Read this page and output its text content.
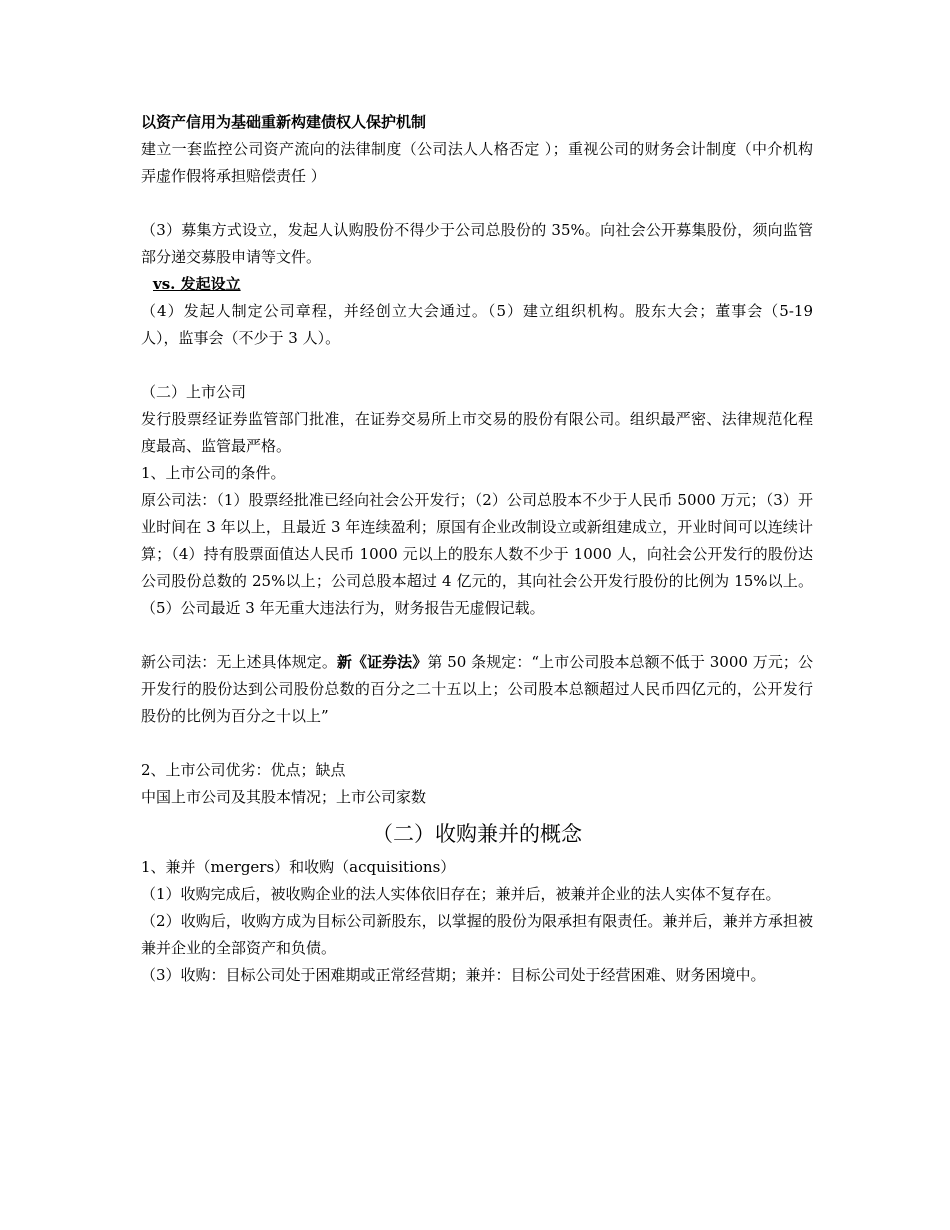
以资产信用为基础重新构建债权人保护机制

建立一套监控公司资产流向的法律制度（公司法人人格否定 ）；重视公司的财务会计制度（中介机构弄虚作假将承担赔偿责任 ）

（3）募集方式设立，发起人认购股份不得少于公司总股份的 35%。向社会公开募集股份，须向监管部分递交募股申请等文件。

vs. 发起设立

（4）发起人制定公司章程，并经创立大会通过。（5）建立组织机构。股东大会；董事会（5-19 人），监事会（不少于 3 人）。

（二）上市公司

发行股票经证券监管部门批准，在证券交易所上市交易的股份有限公司。组织最严密、法律规范化程度最高、监管最严格。

1、上市公司的条件。

原公司法：（1）股票经批准已经向社会公开发行；（2）公司总股本不少于人民币 5000 万元；（3）开业时间在 3 年以上，且最近 3 年连续盈利；原国有企业改制设立或新组建成立，开业时间可以连续计算；（4）持有股票面值达人民币 1000 元以上的股东人数不少于 1000 人，向社会公开发行的股份达公司股份总数的 25%以上；公司总股本超过 4 亿元的，其向社会公开发行股份的比例为 15%以上。（5）公司最近 3 年无重大违法行为，财务报告无虚假记载。

新公司法：无上述具体规定。新《证券法》第 50 条规定：“上市公司股本总额不低于 3000 万元；公开发行的股份达到公司股份总数的百分之二十五以上；公司股本总额超过人民币四亿元的，公开发行股份的比例为百分之十以上”

2、上市公司优劣：优点；缺点

中国上市公司及其股本情况；上市公司家数

（二）收购兼并的概念

1、兼并（mergers）和收购（acquisitions）

（1）收购完成后，被收购企业的法人实体依旧存在；兼并后，被兼并企业的法人实体不复存在。

（2）收购后，收购方成为目标公司新股东，以掌握的股份为限承担有限责任。兼并后，兼并方承担被兼并企业的全部资产和负债。

（3）收购：目标公司处于困难期或正常经营期；兼并：目标公司处于经营困难、财务困境中。
